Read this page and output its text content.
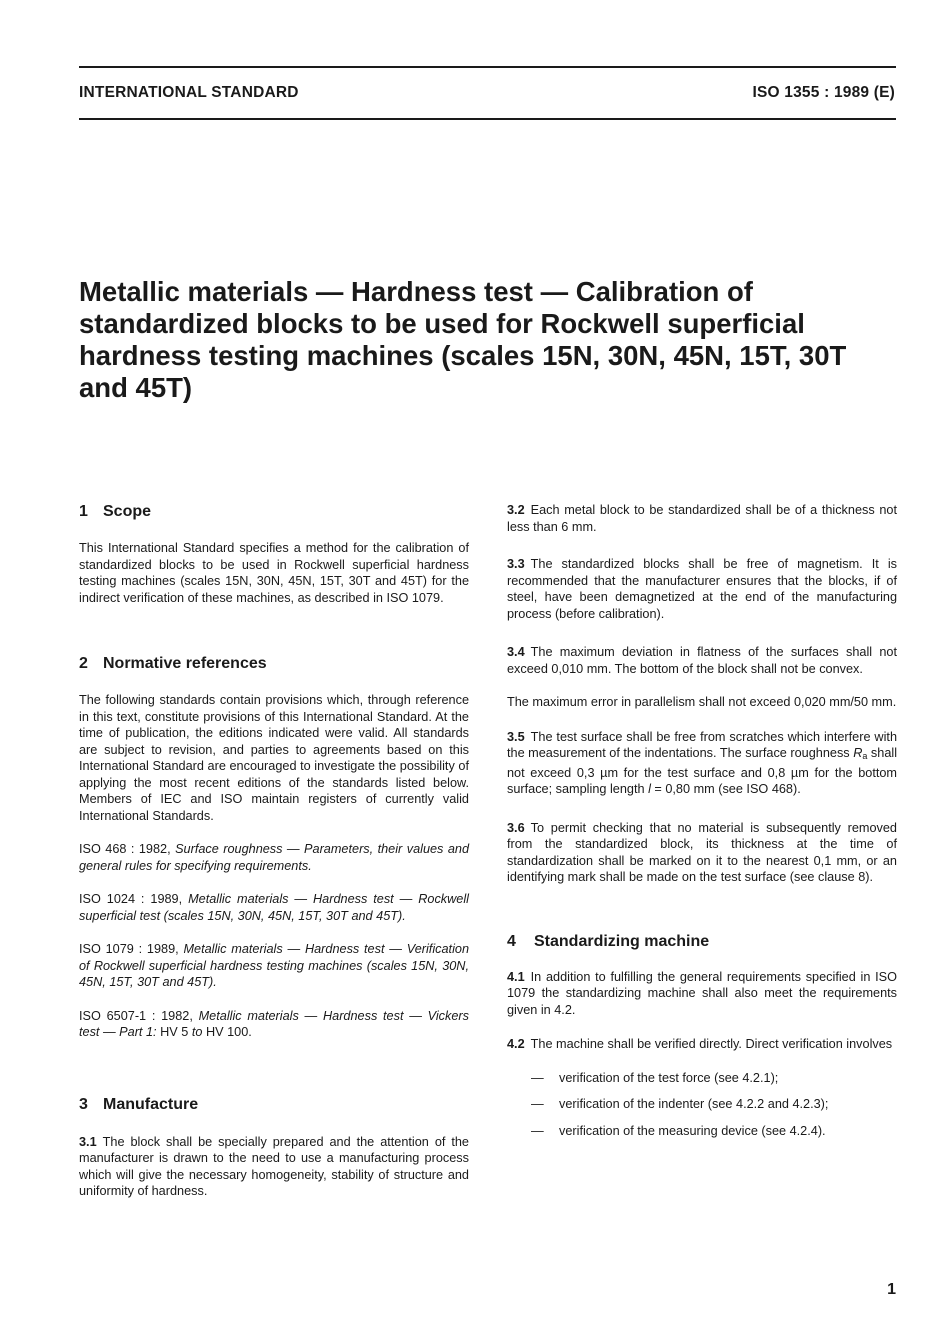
INTERNATIONAL STANDARD	ISO 1355 : 1989 (E)
Metallic materials — Hardness test — Calibration of standardized blocks to be used for Rockwell superficial hardness testing machines (scales 15N, 30N, 45N, 15T, 30T and 45T)
1 Scope

This International Standard specifies a method for the calibration of standardized blocks to be used in Rockwell superficial hardness testing machines (scales 15N, 30N, 45N, 15T, 30T and 45T) for the indirect verification of these machines, as described in ISO 1079.

2 Normative references

The following standards contain provisions which, through reference in this text, constitute provisions of this International Standard. At the time of publication, the editions indicated were valid. All standards are subject to revision, and parties to agreements based on this International Standard are encouraged to investigate the possibility of applying the most recent editions of the standards listed below. Members of IEC and ISO maintain registers of currently valid International Standards.

ISO 468 : 1982, Surface roughness — Parameters, their values and general rules for specifying requirements.

ISO 1024 : 1989, Metallic materials — Hardness test — Rockwell superficial test (scales 15N, 30N, 45N, 15T, 30T and 45T).

ISO 1079 : 1989, Metallic materials — Hardness test — Verification of Rockwell superficial hardness testing machines (scales 15N, 30N, 45N, 15T, 30T and 45T).

ISO 6507-1 : 1982, Metallic materials — Hardness test — Vickers test — Part 1: HV 5 to HV 100.

3 Manufacture

3.1 The block shall be specially prepared and the attention of the manufacturer is drawn to the need to use a manufacturing process which will give the necessary homogeneity, stability of structure and uniformity of hardness.

3.2 Each metal block to be standardized shall be of a thickness not less than 6 mm.

3.3 The standardized blocks shall be free of magnetism. It is recommended that the manufacturer ensures that the blocks, if of steel, have been demagnetized at the end of the manufacturing process (before calibration).

3.4 The maximum deviation in flatness of the surfaces shall not exceed 0,010 mm. The bottom of the block shall not be convex.

The maximum error in parallelism shall not exceed 0,020 mm/50 mm.

3.5 The test surface shall be free from scratches which interfere with the measurement of the indentations. The surface roughness $R_a$ shall not exceed 0,3 µm for the test surface and 0,8 µm for the bottom surface; sampling length l = 0,80 mm (see ISO 468).

3.6 To permit checking that no material is subsequently removed from the standardized block, its thickness at the time of standardization shall be marked on it to the nearest 0,1 mm, or an identifying mark shall be made on the test surface (see clause 8).

4 Standardizing machine

4.1 In addition to fulfilling the general requirements specified in ISO 1079 the standardizing machine shall also meet the requirements given in 4.2.

4.2 The machine shall be verified directly. Direct verification involves

— verification of the test force (see 4.2.1);
— verification of the indenter (see 4.2.2 and 4.2.3);
— verification of the measuring device (see 4.2.4).
1
